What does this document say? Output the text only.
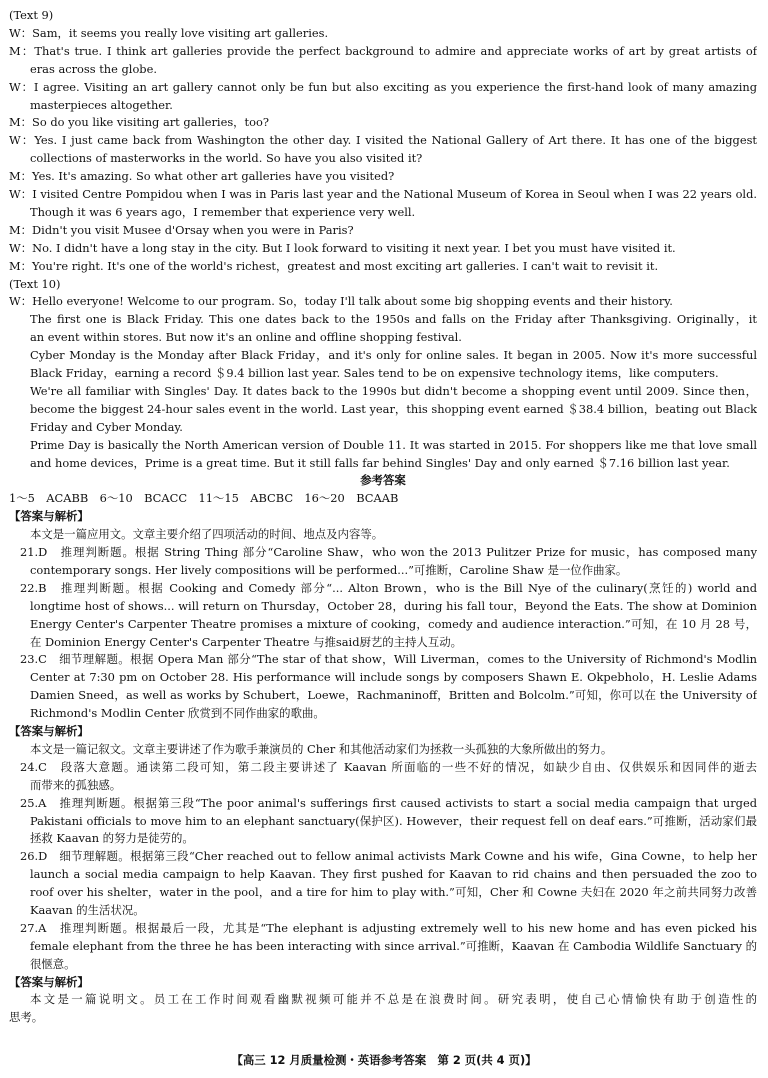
(Text 9)
W：Sam，it seems you really love visiting art galleries.
M：That's true. I think art galleries provide the perfect background to admire and appreciate works of art by great artists of
eras across the globe.
W：I agree. Visiting an art gallery cannot only be fun but also exciting as you experience the first-hand look of many amazing
masterpieces altogether.
M：So do you like visiting art galleries，too?
W：Yes. I just came back from Washington the other day. I visited the National Gallery of Art there. It has one of the biggest
collections of masterworks in the world. So have you also visited it?
M：Yes. It's amazing. So what other art galleries have you visited?
W：I visited Centre Pompidou when I was in Paris last year and the National Museum of Korea in Seoul when I was 22 years old.
Though it was 6 years ago，I remember that experience very well.
M：Didn't you visit Musee d'Orsay when you were in Paris?
W：No. I didn't have a long stay in the city. But I look forward to visiting it next year. I bet you must have visited it.
M：You're right. It's one of the world's richest，greatest and most exciting art galleries. I can't wait to revisit it.
(Text 10)
W：Hello everyone! Welcome to our program. So，today I'll talk about some big shopping events and their history.
The first one is Black Friday. This one dates back to the 1950s and falls on the Friday after Thanksgiving. Originally，it
an event within stores. But now it's an online and offline shopping festival.
Cyber Monday is the Monday after Black Friday，and it's only for online sales. It began in 2005. Now it's more successful
Black Friday，earning a record ＄9.4 billion last year. Sales tend to be on expensive technology items，like computers.
We're all familiar with Singles' Day. It dates back to the 1990s but didn't become a shopping event until 2009. Since then，
become the biggest 24-hour sales event in the world. Last year，this shopping event earned ＄38.4 billion，beating out Black
Friday and Cyber Monday.
Prime Day is basically the North American version of Double 11. It was started in 2015. For shoppers like me that love small
and home devices，Prime is a great time. But it still falls far behind Singles' Day and only earned ＄7.16 billion last year.
参考答案
1～5　ACABB　6～10　BCACC　11～15　ABCBC　16～20　BCAAB
【答案与解析】
本文是一篇应用文。文章主要介绍了四项活动的时间、地点及内容等。
21.D　推理判断题。根据 String Thing 部分“Caroline Shaw，who won the 2013 Pulitzer Prize for music，has composed many
contemporary songs. Her lively compositions will be performed...”可推断，Caroline Shaw 是一位作曲家。
22.B　推理判断题。根据 Cooking and Comedy 部分“... Alton Brown，who is the Bill Nye of the culinary(烹饪的) world and
longtime host of shows... will return on Thursday，October 28，during his fall tour，Beyond the Eats. The show at Dominion
Energy Center's Carpenter Theatre promises a mixture of cooking，comedy and audience interaction.”可知，在 10 月 28 号，
在 Dominion Energy Center's Carpenter Theatre 与推said厨艺的主持人互动。
23.C　细节理解题。根据 Opera Man 部分“The star of that show，Will Liverman，comes to the University of Richmond's Modlin
Center at 7:30 pm on October 28. His performance will include songs by composers Shawn E. Okpebholo，H. Leslie Adams
Damien Sneed，as well as works by Schubert，Loewe，Rachmaninoff，Britten and Bolcolm.”可知，你可以在 the University of
Richmond's Modlin Center 欣赏到不同作曲家的歌曲。
【答案与解析】
本文是一篇记叙文。文章主要讲述了作为歌手兼演员的 Cher 和其他活动家们为拯救一头孤独的大象所做出的努力。
24.C　段落大意题。通读第二段可知，第二段主要讲述了 Kaavan 所面临的一些不好的情况，如缺少自由、仅供娱乐和因同伴的逝去
而带来的孤独感。
25.A　推理判断题。根据第三段“The poor animal's sufferings first caused activists to start a social media campaign that urged
Pakistani officials to move him to an elephant sanctuary(保护区). However，their request fell on deaf ears.”可推断，活动家们最
拯救 Kaavan 的努力是徒劳的。
26.D　细节理解题。根据第三段“Cher reached out to fellow animal activists Mark Cowne and his wife，Gina Cowne，to help her
launch a social media campaign to help Kaavan. They first pushed for Kaavan to rid chains and then persuaded the zoo to
roof over his shelter，water in the pool，and a tire for him to play with.”可知，Cher 和 Cowne 夫妇在 2020 年之前共同努力改善
Kaavan 的生活状况。
27.A　推理判断题。根据最后一段，尤其是“The elephant is adjusting extremely well to his new home and has even picked his
female elephant from the three he has been interacting with since arrival.”可推断，Kaavan 在 Cambodia Wildlife Sanctuary 的
很惬意。
【答案与解析】
本文是一篇说明文。员工在工作时间观看幽默视频可能并不总是在浪费时间。研究表明，使自己心情愉快有助于创造性的
思考。
【高三 12 月质量检测・英语参考答案　第 2 页(共 4 页)】
